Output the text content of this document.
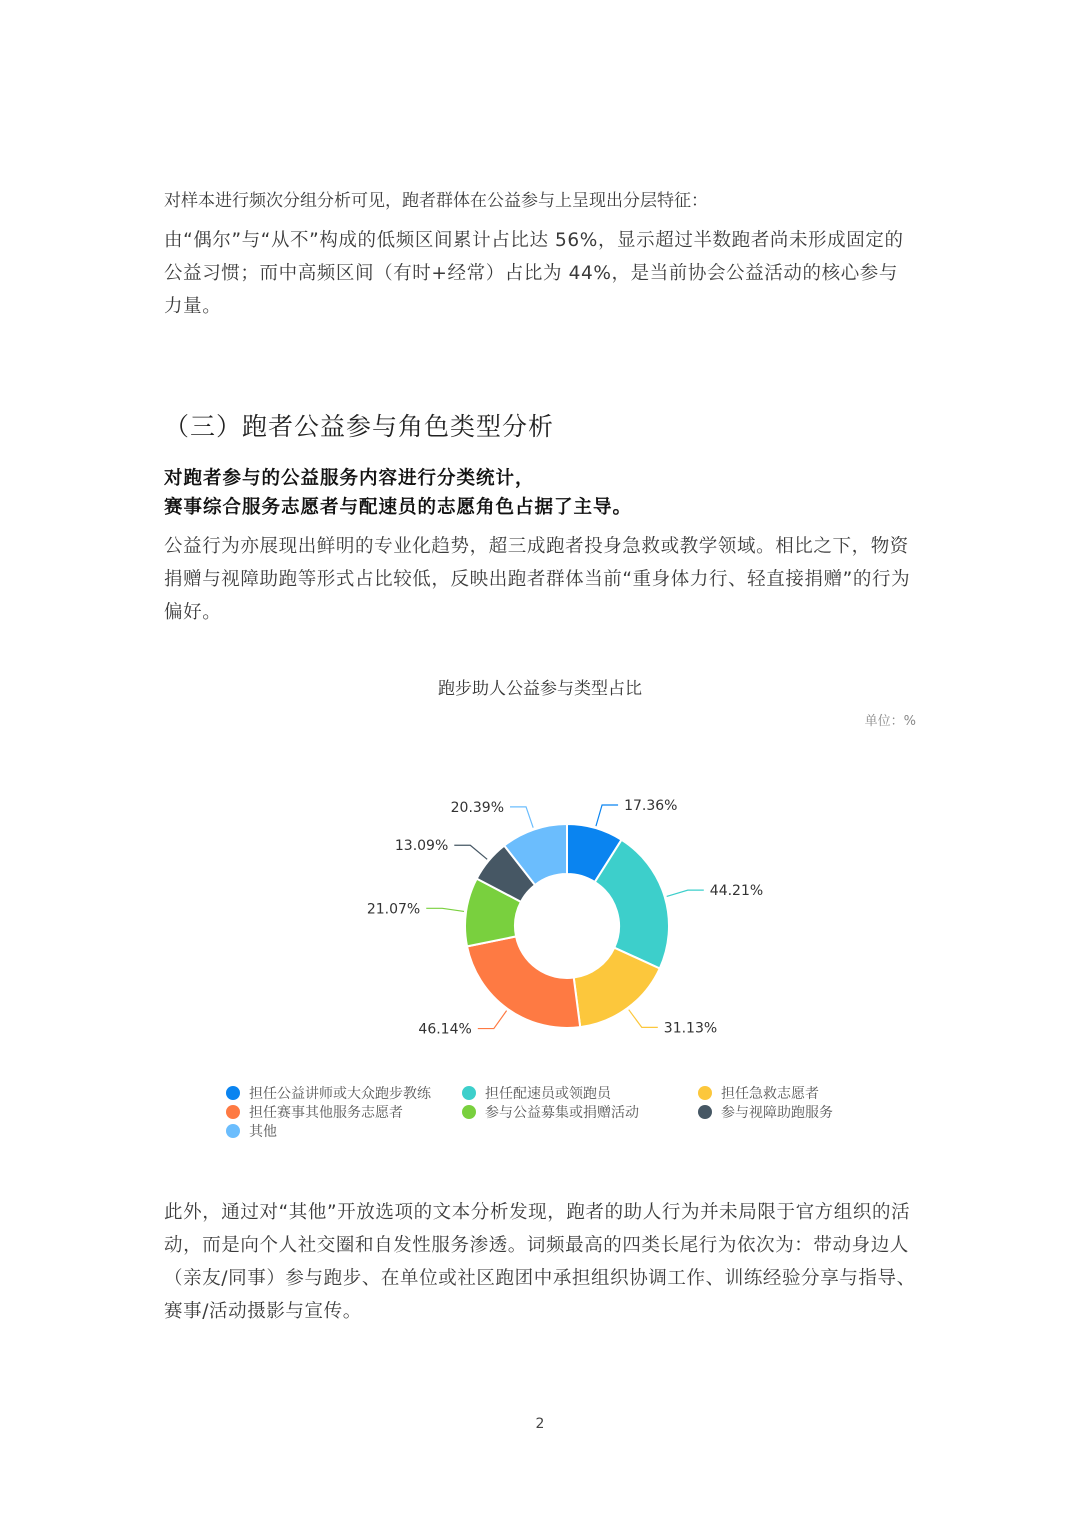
对样本进行频次分组分析可见，跑者群体在公益参与上呈现出分层特征：
由“偶尔”与“从不”构成的低频区间累计占比达 56%，显示超过半数跑者尚未形成固定的公益习惯；而中高频区间（有时+经常）占比为 44%，是当前协会公益活动的核心参与力量。
（三）跑者公益参与角色类型分析
对跑者参与的公益服务内容进行分类统计，
赛事综合服务志愿者与配速员的志愿角色占据了主导。
公益行为亦展现出鲜明的专业化趋势，超三成跑者投身急救或教学领域。相比之下，物资捐赠与视障助跑等形式占比较低，反映出跑者群体当前“重身体力行、轻直接捐赠”的行为偏好。
跑步助人公益参与类型占比
单位：%
17.36%
44.21%
31.13%
46.14%
21.07%
13.09%
20.39%
担任公益讲师或大众跑步教练	担任配速员或领跑员	担任急救志愿者
担任赛事其他服务志愿者	参与公益募集或捐赠活动	参与视障助跑服务
其他
此外，通过对“其他”开放选项的文本分析发现，跑者的助人行为并未局限于官方组织的活动，而是向个人社交圈和自发性服务渗透。词频最高的四类长尾行为依次为：带动身边人（亲友/同事）参与跑步、在单位或社区跑团中承担组织协调工作、训练经验分享与指导、赛事/活动摄影与宣传。
2
